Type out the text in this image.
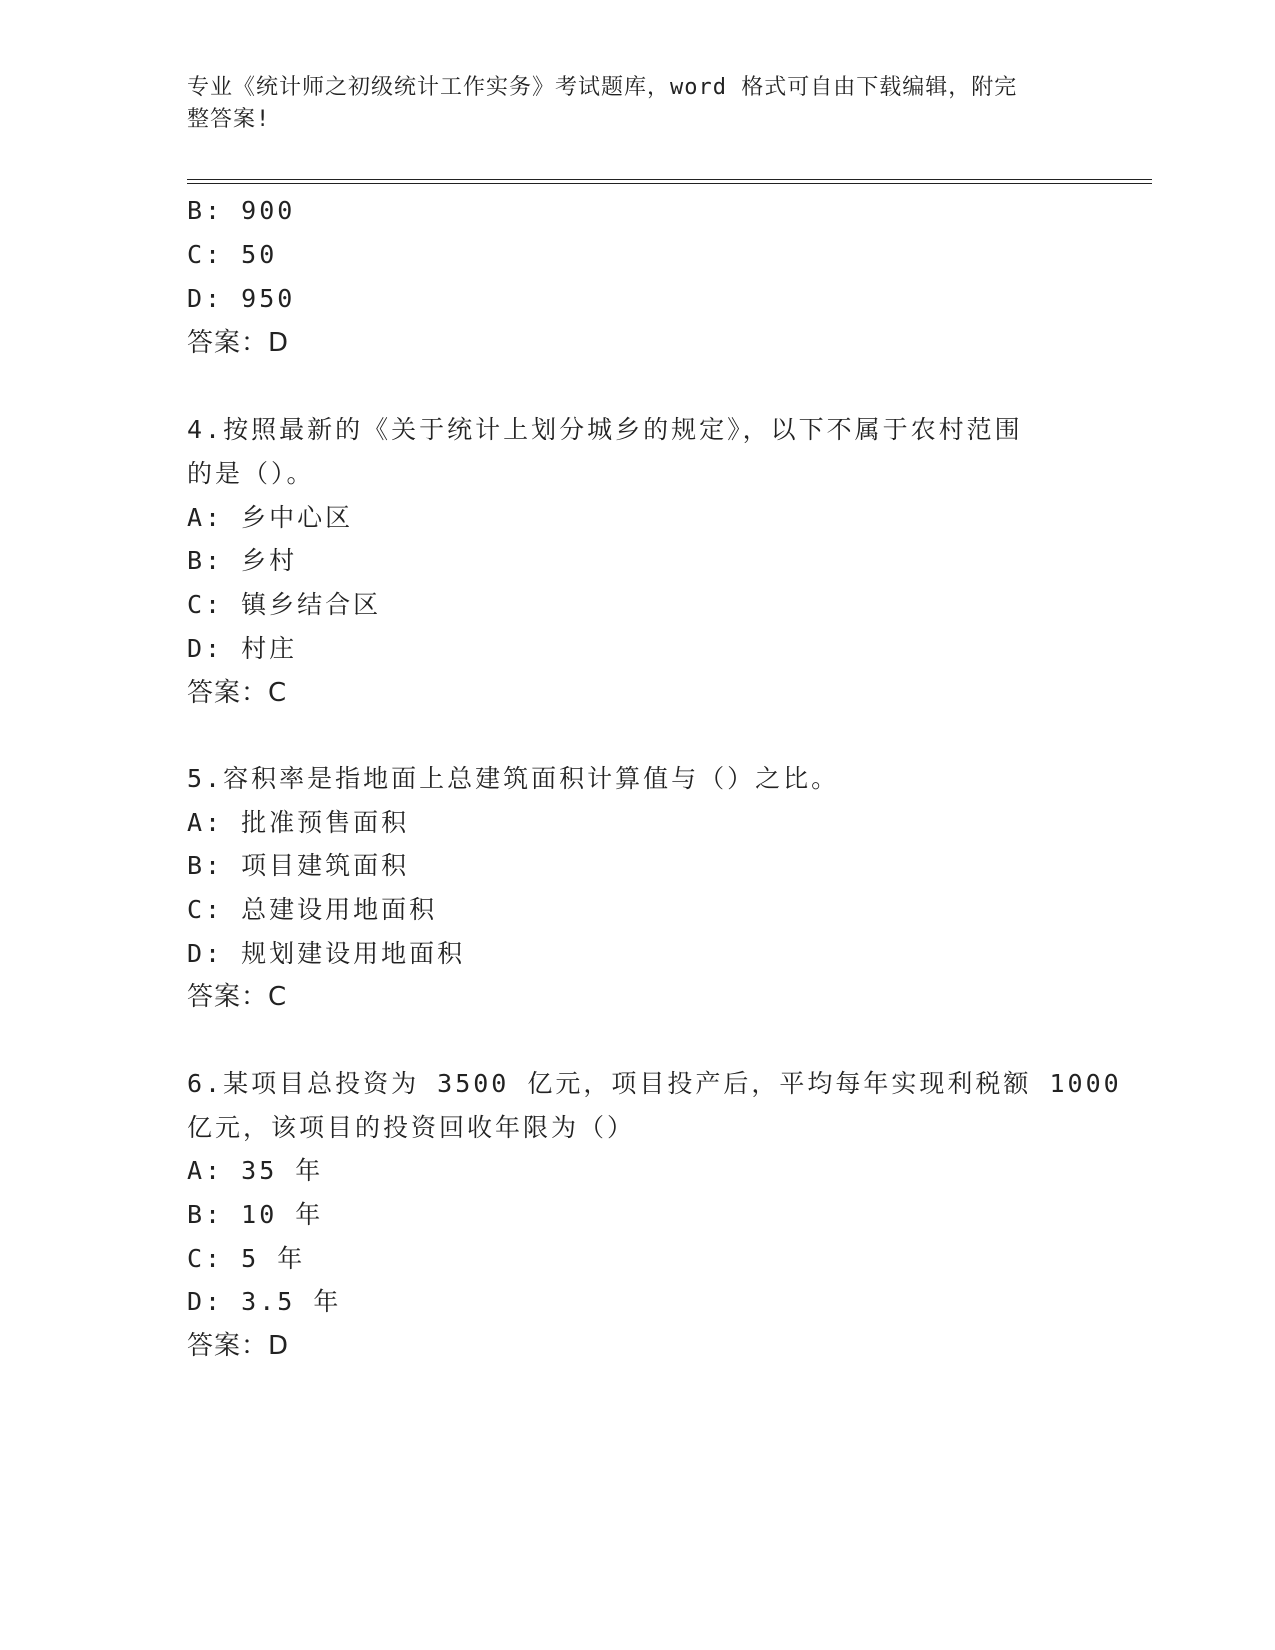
专业《统计师之初级统计工作实务》考试题库，word 格式可自由下载编辑，附完
整答案!
B: 900
C: 50
D: 950
答案：D
4.按照最新的《关于统计上划分城乡的规定》，以下不属于农村范围
的是（）。
A: 乡中心区
B: 乡村
C: 镇乡结合区
D: 村庄
答案：C
5.容积率是指地面上总建筑面积计算值与（）之比。
A: 批准预售面积
B: 项目建筑面积
C: 总建设用地面积
D: 规划建设用地面积
答案：C
6.某项目总投资为 3500 亿元，项目投产后，平均每年实现利税额 1000
亿元，该项目的投资回收年限为（）
A: 35 年
B: 10 年
C: 5 年
D: 3.5 年
答案：D
